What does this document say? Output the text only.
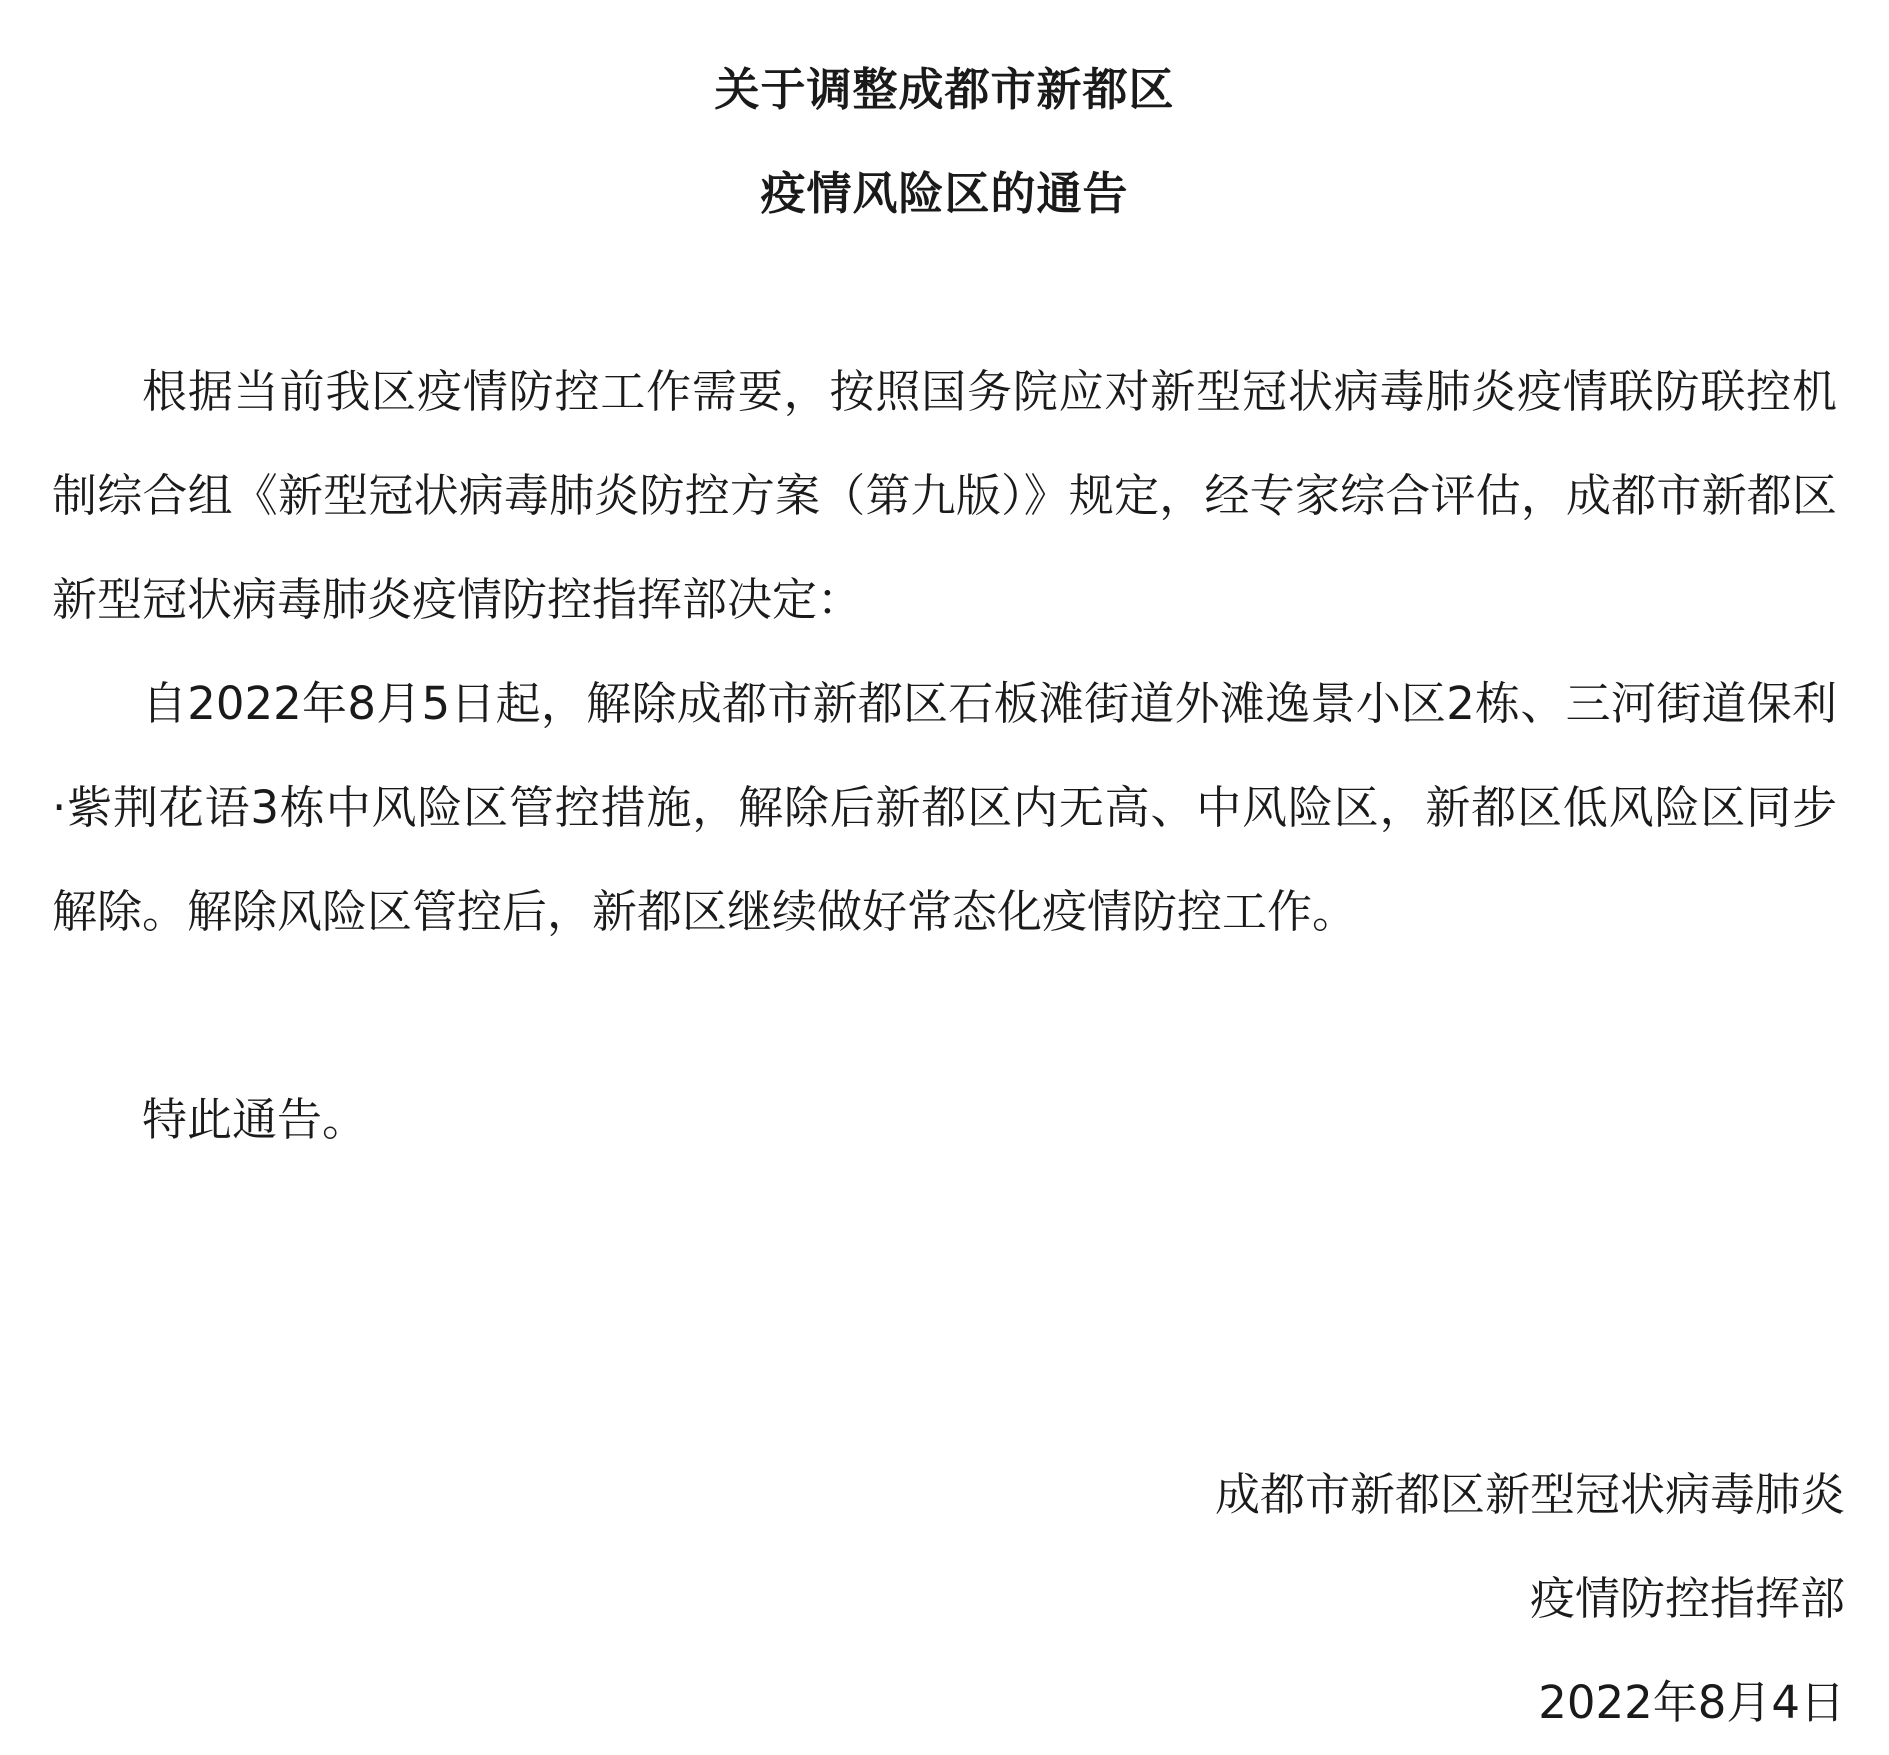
关于调整成都市新都区
疫情风险区的通告

根据当前我区疫情防控工作需要，按照国务院应对新型冠状病毒肺炎疫情联防联控机制综合组《新型冠状病毒肺炎防控方案（第九版）》规定，经专家综合评估，成都市新都区新型冠状病毒肺炎疫情防控指挥部决定：

自2022年8月5日起，解除成都市新都区石板滩街道外滩逸景小区2栋、三河街道保利·紫荆花语3栋中风险区管控措施，解除后新都区内无高、中风险区，新都区低风险区同步解除。解除风险区管控后，新都区继续做好常态化疫情防控工作。

特此通告。

成都市新都区新型冠状病毒肺炎
疫情防控指挥部
2022年8月4日
